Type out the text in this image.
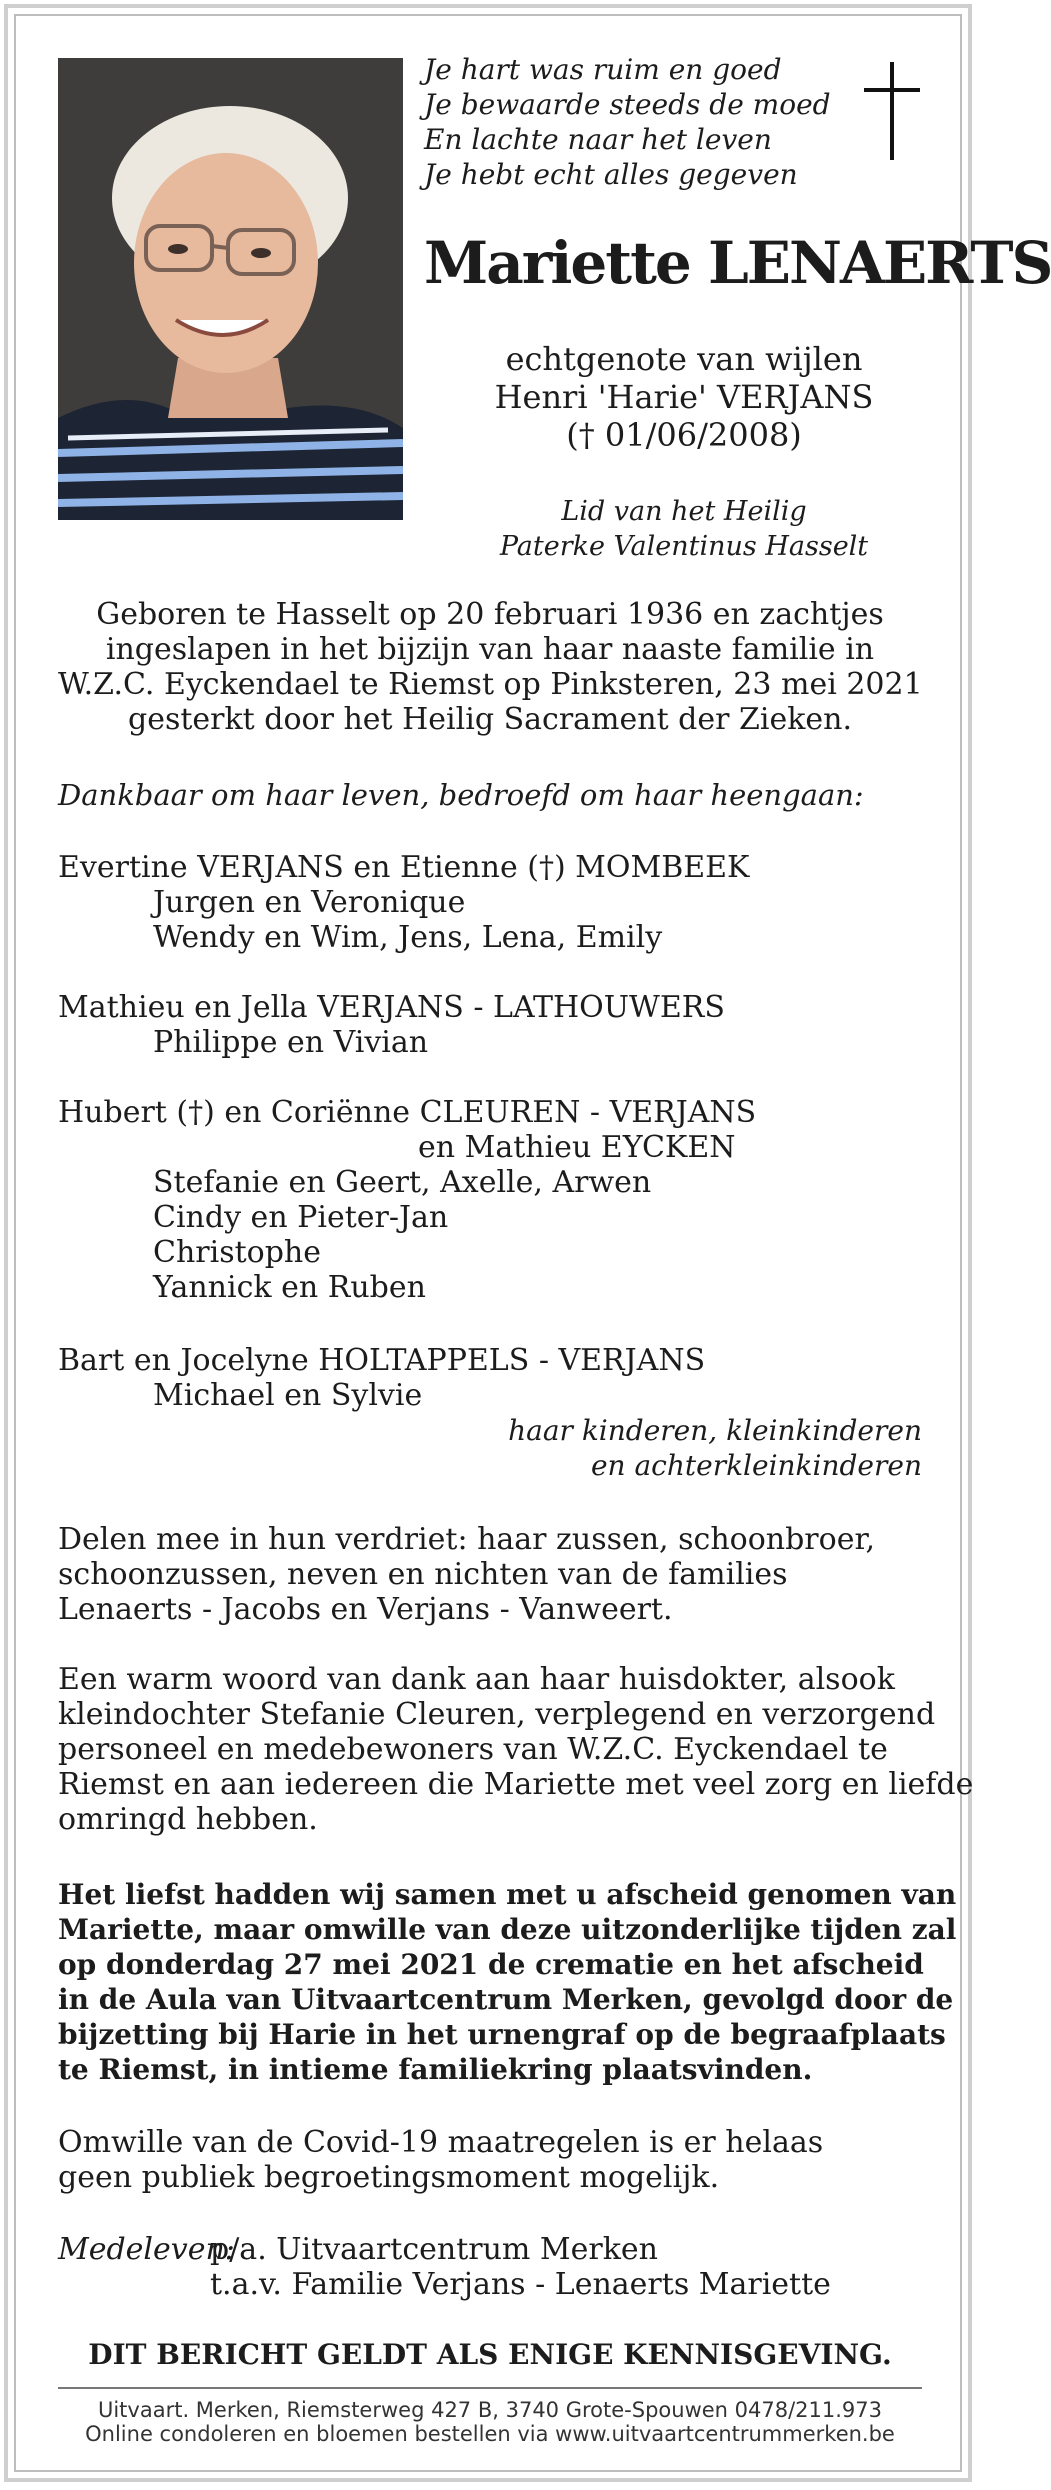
Je hart was ruim en goed
Je bewaarde steeds de moed
En lachte naar het leven
Je hebt echt alles gegeven
Mariette LENAERTS
echtgenote van wijlen
Henri 'Harie' VERJANS
(† 01/06/2008)
Lid van het Heilig
Paterke Valentinus Hasselt
Geboren te Hasselt op 20 februari 1936 en zachtjes
ingeslapen in het bijzijn van haar naaste familie in
W.Z.C. Eyckendael te Riemst op Pinksteren, 23 mei 2021
gesterkt door het Heilig Sacrament der Zieken.
Dankbaar om haar leven, bedroefd om haar heengaan:
Evertine VERJANS en Etienne (†) MOMBEEK
Jurgen en Veronique
Wendy en Wim, Jens, Lena, Emily
Mathieu en Jella VERJANS - LATHOUWERS
Philippe en Vivian
Hubert (†) en Coriënne CLEUREN - VERJANS
en Mathieu EYCKEN
Stefanie en Geert, Axelle, Arwen
Cindy en Pieter-Jan
Christophe
Yannick en Ruben
Bart en Jocelyne HOLTAPPELS - VERJANS
Michael en Sylvie
haar kinderen, kleinkinderen
en achterkleinkinderen
Delen mee in hun verdriet: haar zussen, schoonbroer,
schoonzussen, neven en nichten van de families
Lenaerts - Jacobs en Verjans - Vanweert.
Een warm woord van dank aan haar huisdokter, alsook
kleindochter Stefanie Cleuren, verplegend en verzorgend
personeel en medebewoners van W.Z.C. Eyckendael te
Riemst en aan iedereen die Mariette met veel zorg en liefde
omringd hebben.
Het liefst hadden wij samen met u afscheid genomen van
Mariette, maar omwille van deze uitzonderlijke tijden zal
op donderdag 27 mei 2021 de crematie en het afscheid
in de Aula van Uitvaartcentrum Merken, gevolgd door de
bijzetting bij Harie in het urnengraf op de begraafplaats
te Riemst, in intieme familiekring plaatsvinden.
Omwille van de Covid-19 maatregelen is er helaas
geen publiek begroetingsmoment mogelijk.
Medeleven:
p/a. Uitvaartcentrum Merken
t.a.v. Familie Verjans - Lenaerts Mariette
DIT BERICHT GELDT ALS ENIGE KENNISGEVING.
Uitvaart. Merken, Riemsterweg 427 B, 3740 Grote-Spouwen 0478/211.973
Online condoleren en bloemen bestellen via www.uitvaartcentrummerken.be
